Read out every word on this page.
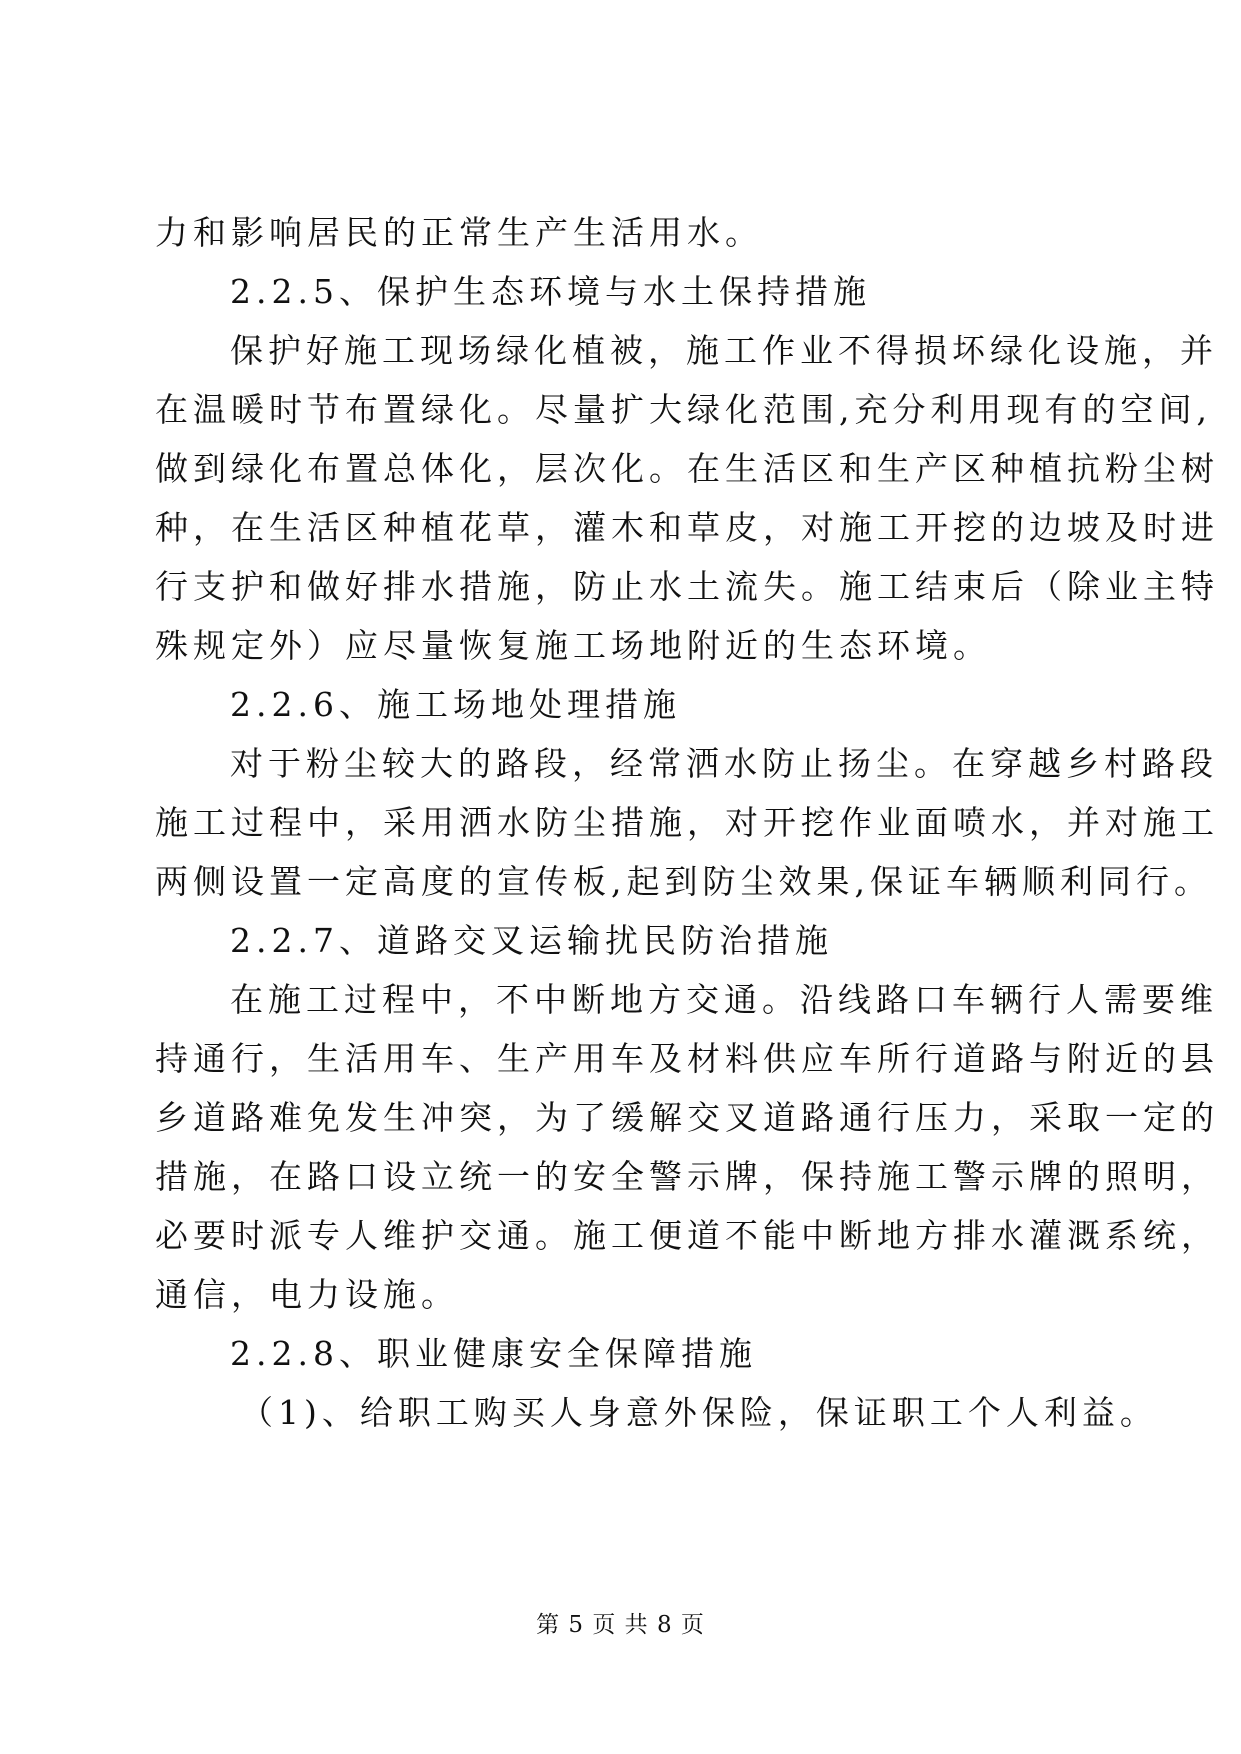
力和影响居民的正常生产生活用水。
2.2.5、保护生态环境与水土保持措施
保护好施工现场绿化植被，施工作业不得损坏绿化设施，并
在温暖时节布置绿化。尽量扩大绿化范围,充分利用现有的空间,
做到绿化布置总体化，层次化。在生活区和生产区种植抗粉尘树
种，在生活区种植花草，灌木和草皮，对施工开挖的边坡及时进
行支护和做好排水措施，防止水土流失。施工结束后（除业主特
殊规定外）应尽量恢复施工场地附近的生态环境。
2.2.6、施工场地处理措施
对于粉尘较大的路段，经常洒水防止扬尘。在穿越乡村路段
施工过程中，采用洒水防尘措施，对开挖作业面喷水，并对施工
两侧设置一定高度的宣传板,起到防尘效果,保证车辆顺利同行。
2.2.7、道路交叉运输扰民防治措施
在施工过程中，不中断地方交通。沿线路口车辆行人需要维
持通行，生活用车、生产用车及材料供应车所行道路与附近的县
乡道路难免发生冲突，为了缓解交叉道路通行压力，采取一定的
措施，在路口设立统一的安全警示牌，保持施工警示牌的照明，
必要时派专人维护交通。施工便道不能中断地方排水灌溉系统，
通信，电力设施。
2.2.8、职业健康安全保障措施
（1)、给职工购买人身意外保险，保证职工个人利益。
第 5 页 共 8 页
